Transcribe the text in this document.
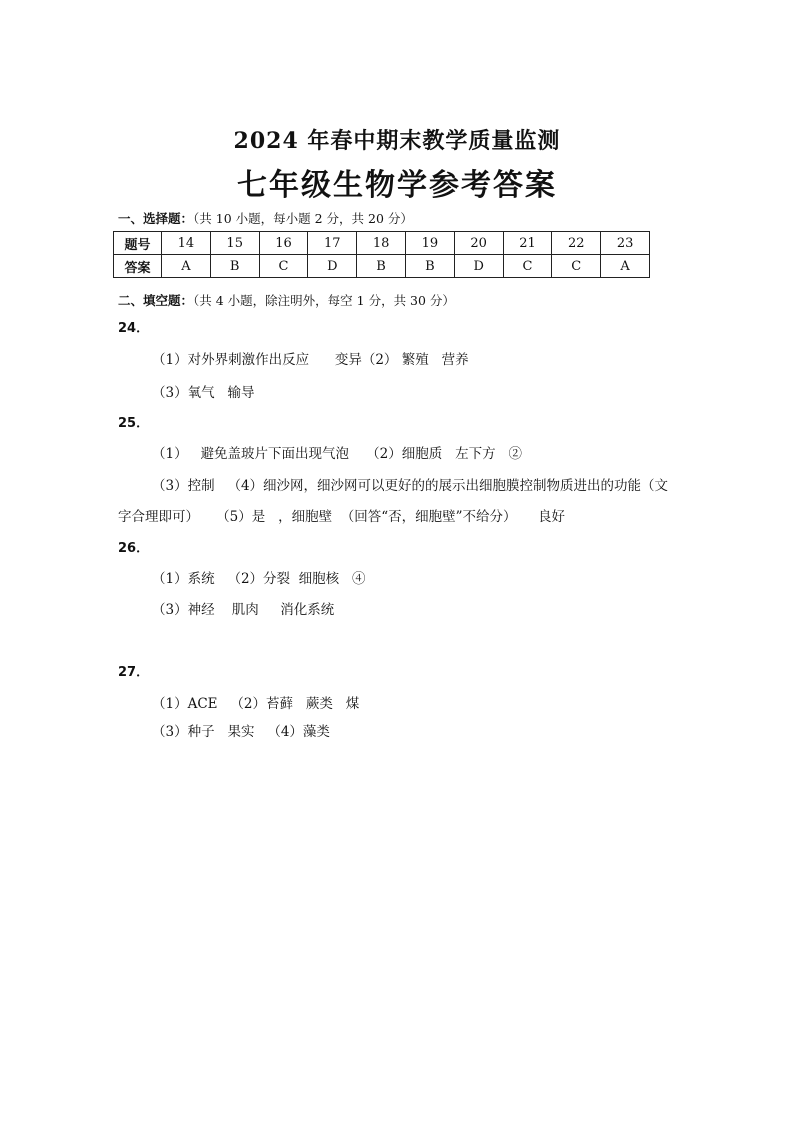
2024 年春中期末教学质量监测
七年级生物学参考答案
一、选择题：（共 10 小题，每小题 2 分，共 20 分）
题号	14	15	16	17	18	19	20	21	22	23
答案	A	B	C	D	B	B	D	C	C	A
二、填空题：（共 4 小题，除注明外，每空 1 分，共 30 分）
24．
（1）对外界刺激作出反应      变异（2） 繁殖   营养
（3）氧气   输导
25．
（1）   避免盖玻片下面出现气泡    （2）细胞质   左下方   ②
（3）控制   （4）细沙网，细沙网可以更好的的展示出细胞膜控制物质进出的功能（文
字合理即可）    （5）是   ，细胞壁  （回答“否，细胞壁”不给分）     良好
26．
（1）系统   （2）分裂  细胞核   ④
（3）神经    肌肉     消化系统
27．
（1）ACE   （2）苔藓   蕨类   煤
（3）种子   果实   （4）藻类
